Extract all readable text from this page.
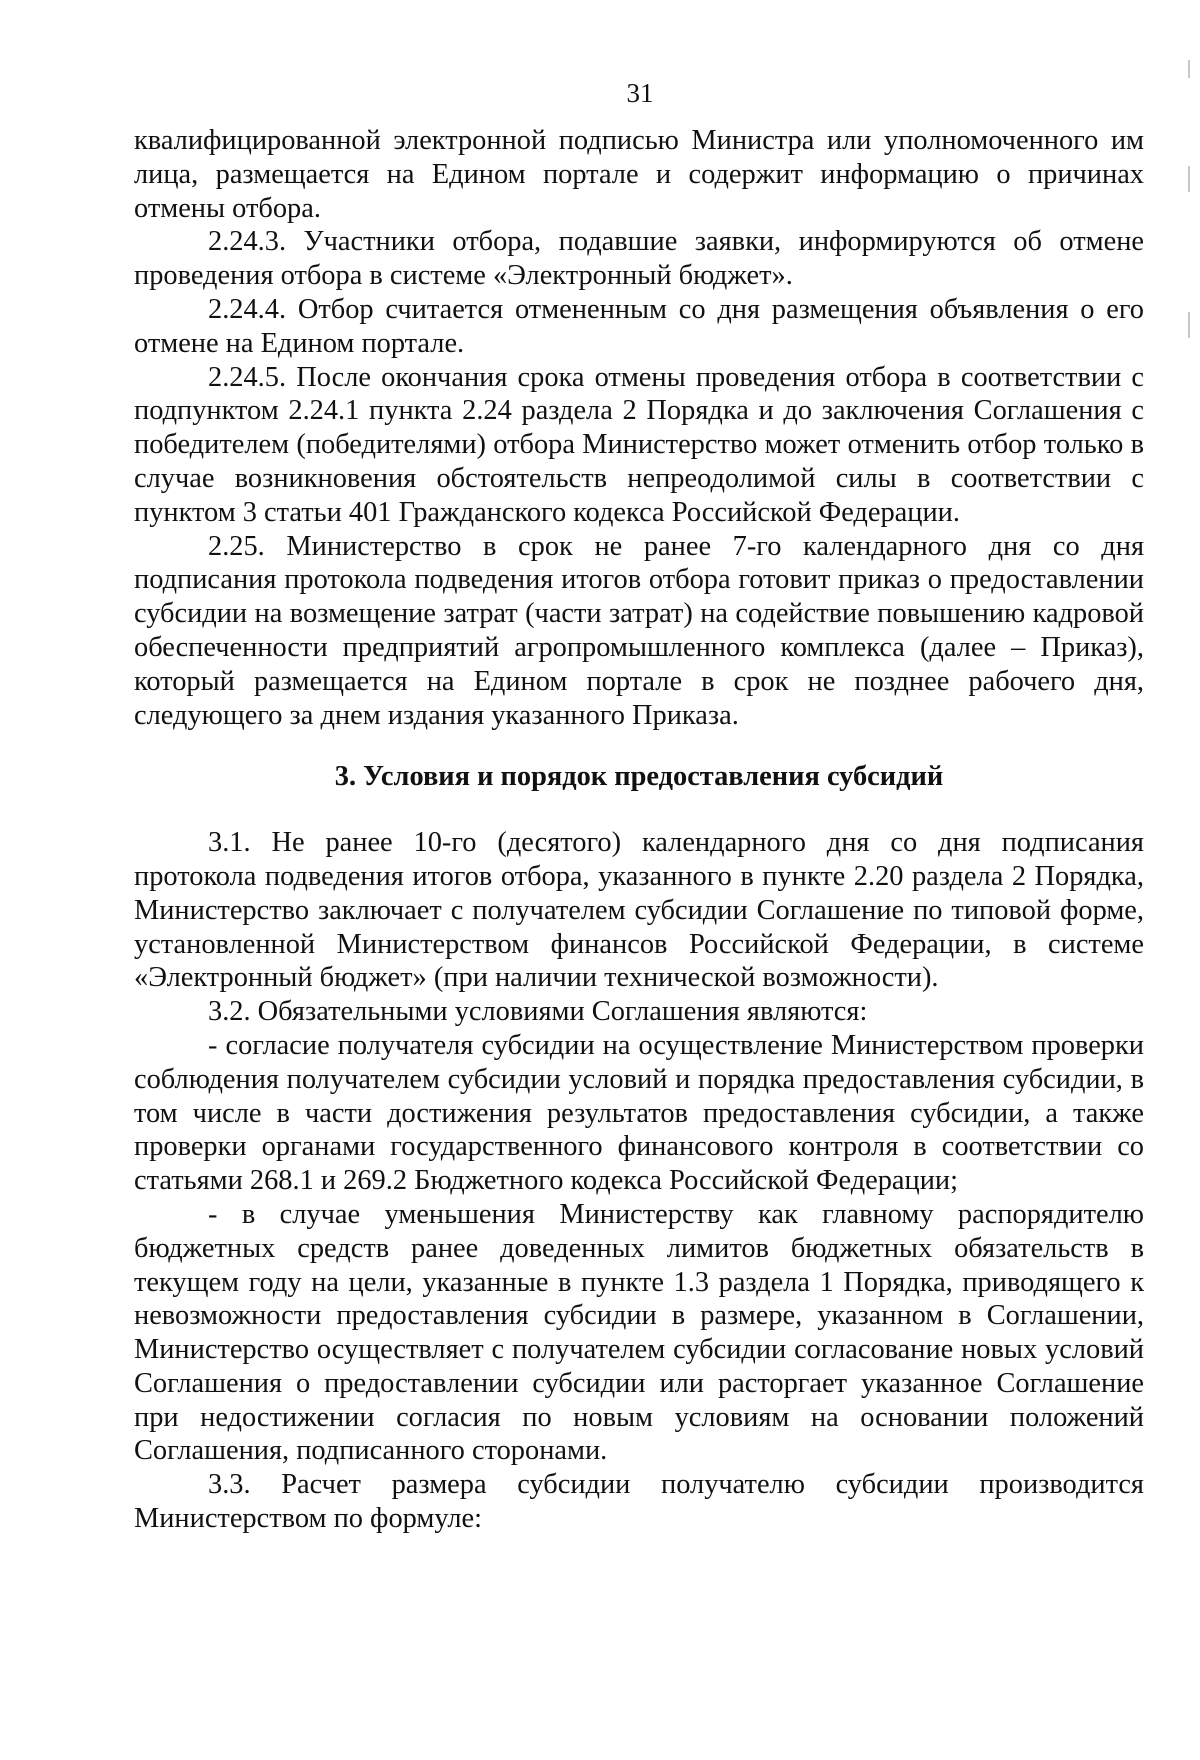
31

квалифицированной электронной подписью Министра или уполномоченного им лица, размещается на Едином портале и содержит информацию о причинах отмены отбора.

2.24.3. Участники отбора, подавшие заявки, информируются об отмене проведения отбора в системе «Электронный бюджет».

2.24.4. Отбор считается отмененным со дня размещения объявления о его отмене на Едином портале.

2.24.5. После окончания срока отмены проведения отбора в соответствии с подпунктом 2.24.1 пункта 2.24 раздела 2 Порядка и до заключения Соглашения с победителем (победителями) отбора Министерство может отменить отбор только в случае возникновения обстоятельств непреодолимой силы в соответствии с пунктом 3 статьи 401 Гражданского кодекса Российской Федерации.

2.25. Министерство в срок не ранее 7-го календарного дня со дня подписания протокола подведения итогов отбора готовит приказ о предоставлении субсидии на возмещение затрат (части затрат) на содействие повышению кадровой обеспеченности предприятий агропромышленного комплекса (далее – Приказ), который размещается на Едином портале в срок не позднее рабочего дня, следующего за днем издания указанного Приказа.

3. Условия и порядок предоставления субсидий

3.1. Не ранее 10-го (десятого) календарного дня со дня подписания протокола подведения итогов отбора, указанного в пункте 2.20 раздела 2 Порядка, Министерство заключает с получателем субсидии Соглашение по типовой форме, установленной Министерством финансов Российской Федерации, в системе «Электронный бюджет» (при наличии технической возможности).

3.2. Обязательными условиями Соглашения являются:

- согласие получателя субсидии на осуществление Министерством проверки соблюдения получателем субсидии условий и порядка предоставления субсидии, в том числе в части достижения результатов предоставления субсидии, а также проверки органами государственного финансового контроля в соответствии со статьями 268.1 и 269.2 Бюджетного кодекса Российской Федерации;

- в случае уменьшения Министерству как главному распорядителю бюджетных средств ранее доведенных лимитов бюджетных обязательств в текущем году на цели, указанные в пункте 1.3 раздела 1 Порядка, приводящего к невозможности предоставления субсидии в размере, указанном в Соглашении, Министерство осуществляет с получателем субсидии согласование новых условий Соглашения о предоставлении субсидии или расторгает указанное Соглашение при недостижении согласия по новым условиям на основании положений Соглашения, подписанного сторонами.

3.3. Расчет размера субсидии получателю субсидии производится Министерством по формуле:
